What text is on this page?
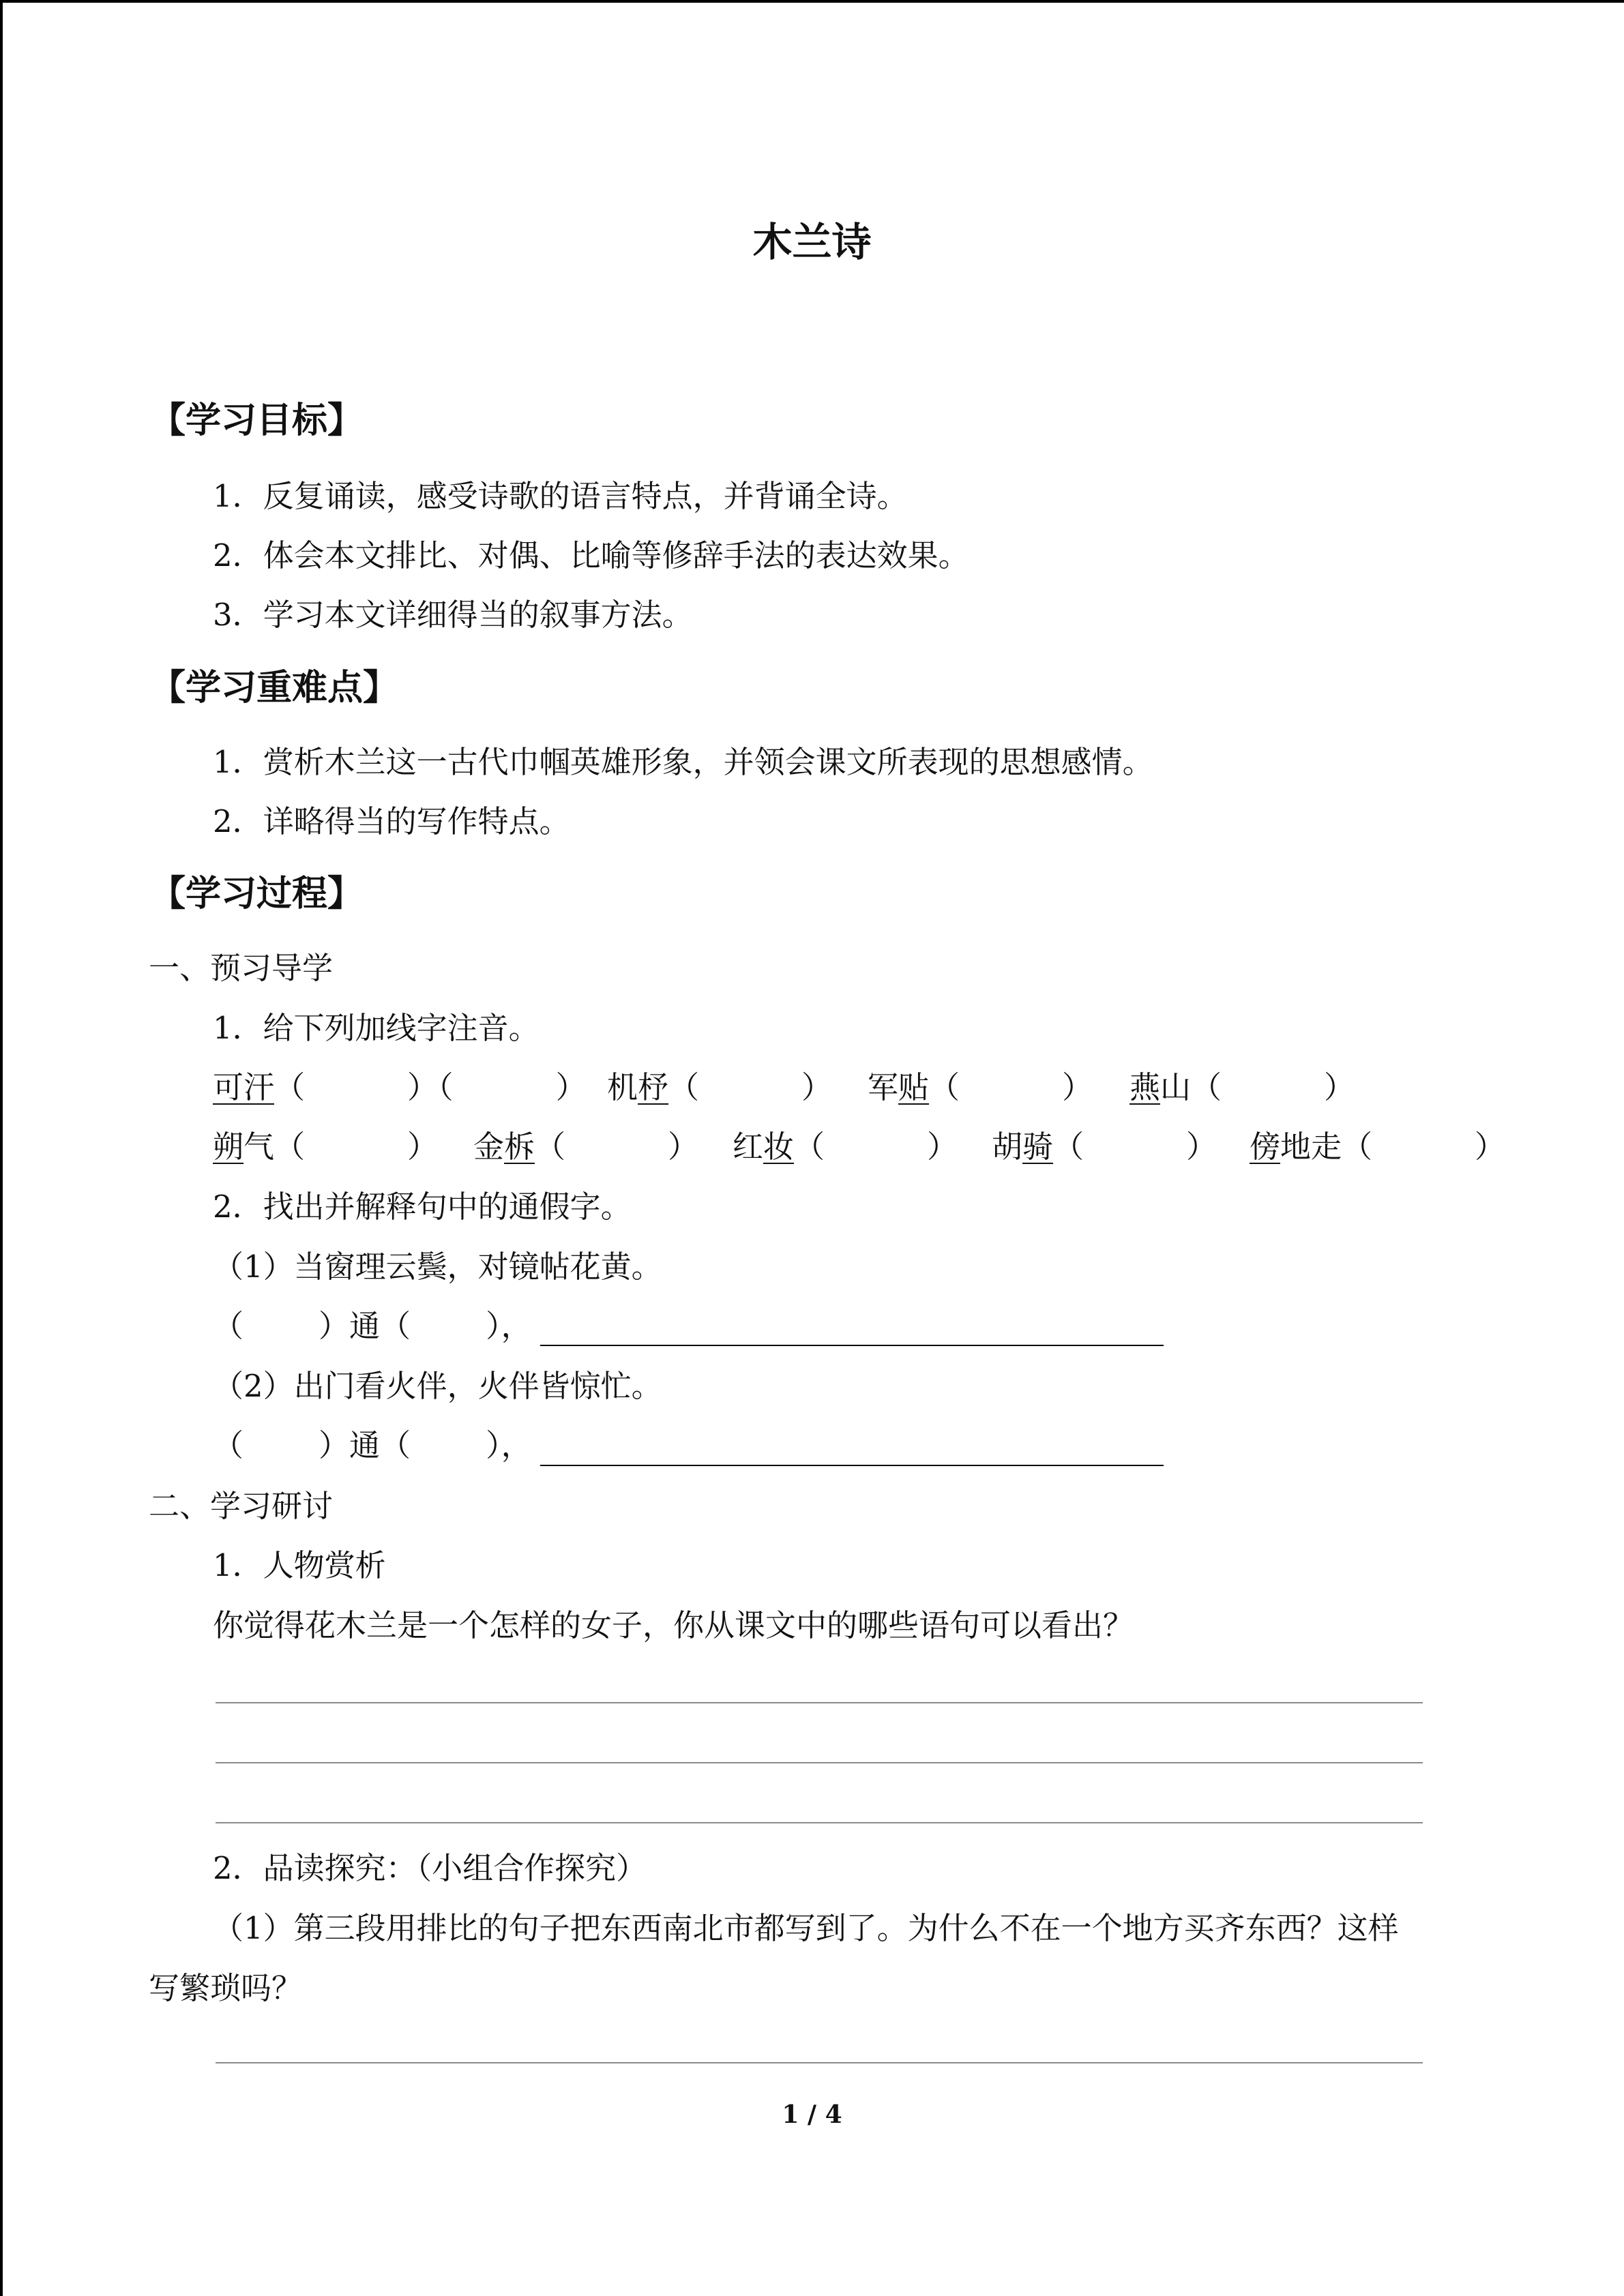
木兰诗
【学习目标】
1．反复诵读，感受诗歌的语言特点，并背诵全诗。
2．体会本文排比、对偶、比喻等修辞手法的表达效果。
3．学习本文详细得当的叙事方法。
【学习重难点】
1．赏析木兰这一古代巾帼英雄形象，并领会课文所表现的思想感情。
2．详略得当的写作特点。
【学习过程】
一、预习导学
1．给下列加线字注音。
可汗（	）（	） 机杼（	） 军贴（	） 燕山（	）
朔气（	） 金柝（	） 红妆（	） 胡骑（	） 傍地走（	）
2．找出并解释句中的通假字。
（1）当窗理云鬓，对镜帖花黄。
（ ）通（ ），
（2）出门看火伴，火伴皆惊忙。
（ ）通（ ），
二、学习研讨
1．人物赏析
你觉得花木兰是一个怎样的女子，你从课文中的哪些语句可以看出？
2．品读探究：（小组合作探究）
（1）第三段用排比的句子把东西南北市都写到了。为什么不在一个地方买齐东西？这样
写繁琐吗？
1 / 4
